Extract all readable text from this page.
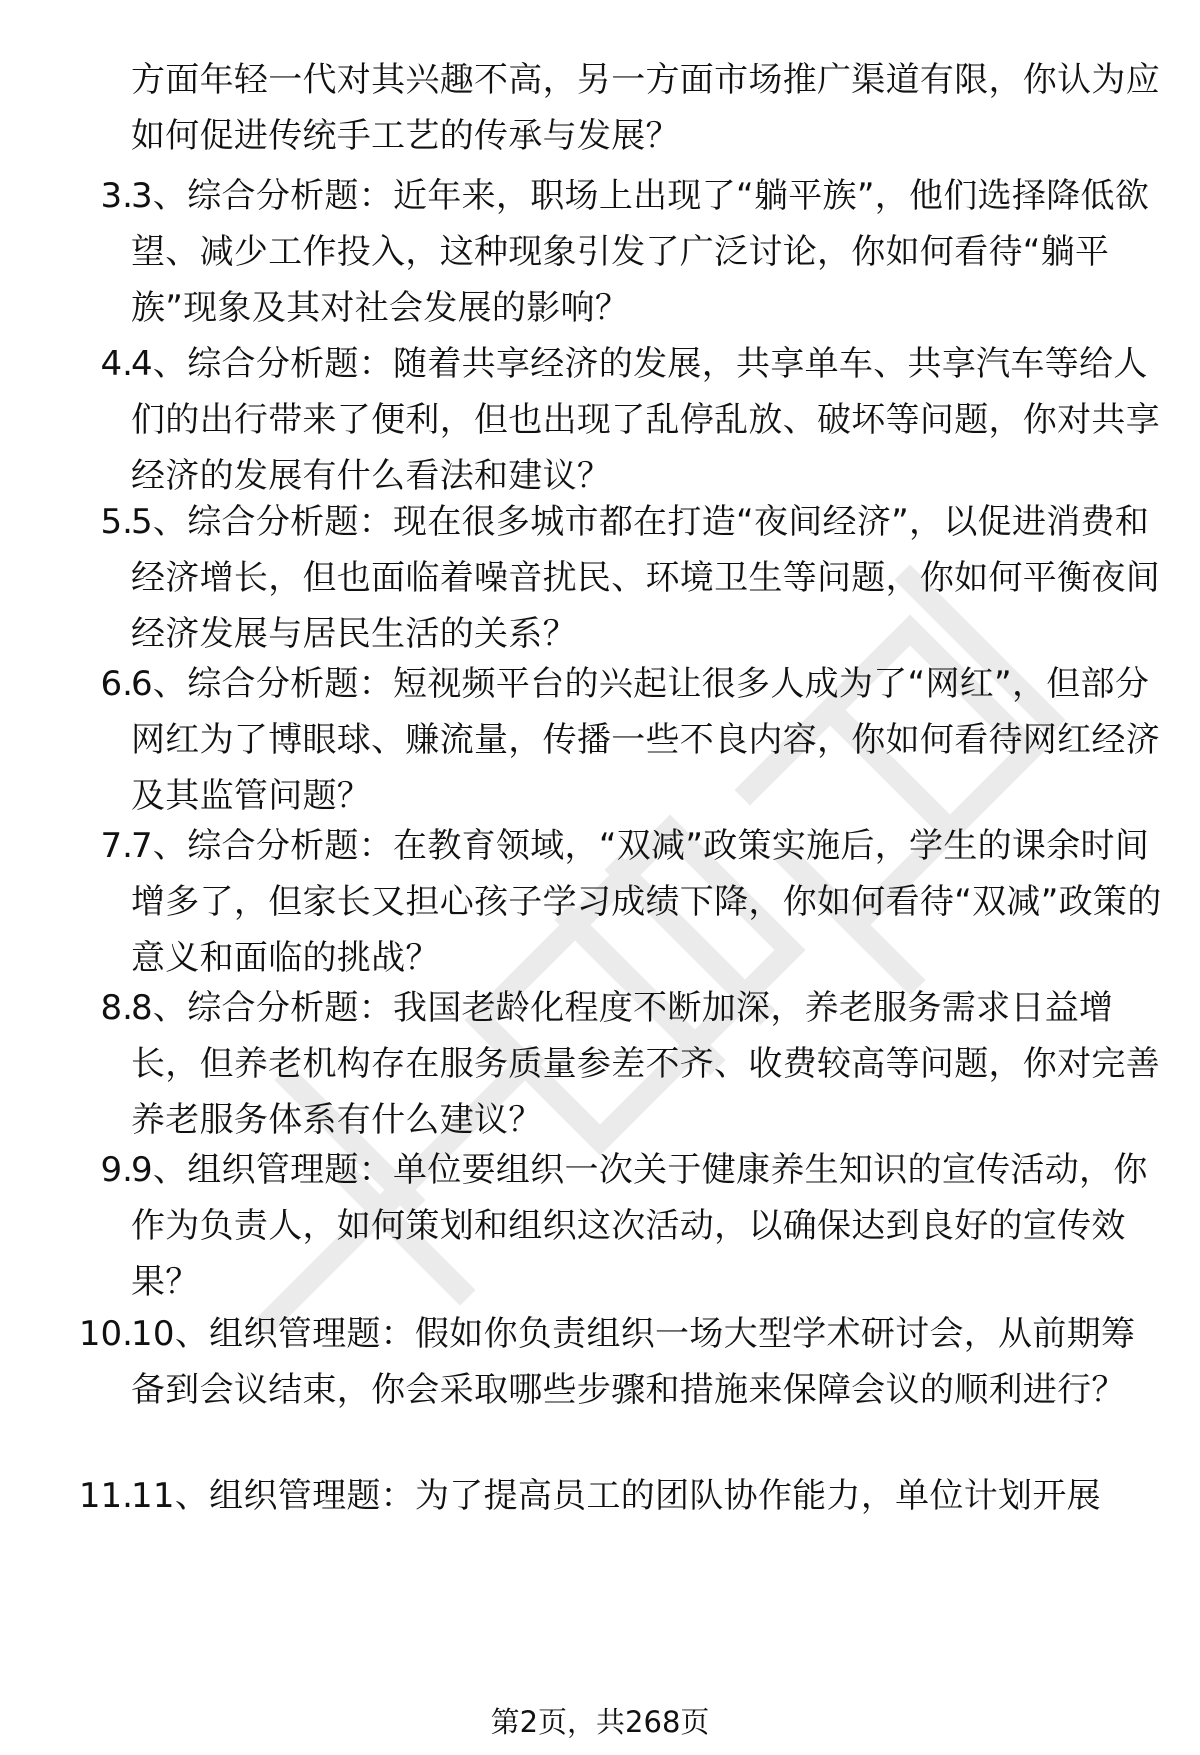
方面年轻一代对其兴趣不高，另一方面市场推广渠道有限，你认为应如何促进传统手工艺的传承与发展？
3.
3、综合分析题：近年来，职场上出现了“躺平族”，他们选择降低欲望、减少工作投入，这种现象引发了广泛讨论，你如何看待“躺平族”现象及其对社会发展的影响？
4.
4、综合分析题：随着共享经济的发展，共享单车、共享汽车等给人们的出行带来了便利，但也出现了乱停乱放、破坏等问题，你对共享经济的发展有什么看法和建议？
5.
5、综合分析题：现在很多城市都在打造“夜间经济”，以促进消费和经济增长，但也面临着噪音扰民、环境卫生等问题，你如何平衡夜间经济发展与居民生活的关系？
6.
6、综合分析题：短视频平台的兴起让很多人成为了“网红”，但部分网红为了博眼球、赚流量，传播一些不良内容，你如何看待网红经济及其监管问题？
7.
7、综合分析题：在教育领域，“双减”政策实施后，学生的课余时间增多了，但家长又担心孩子学习成绩下降，你如何看待“双减”政策的意义和面临的挑战？
8.
8、综合分析题：我国老龄化程度不断加深，养老服务需求日益增长，但养老机构存在服务质量参差不齐、收费较高等问题，你对完善养老服务体系有什么建议？
9.
9、组织管理题：单位要组织一次关于健康养生知识的宣传活动，你作为负责人，如何策划和组织这次活动，以确保达到良好的宣传效果？
10.
10、组织管理题：假如你负责组织一场大型学术研讨会，从前期筹备到会议结束，你会采取哪些步骤和措施来保障会议的顺利进行？
11.
11、组织管理题：为了提高员工的团队协作能力，单位计划开展
第2页，共268页
